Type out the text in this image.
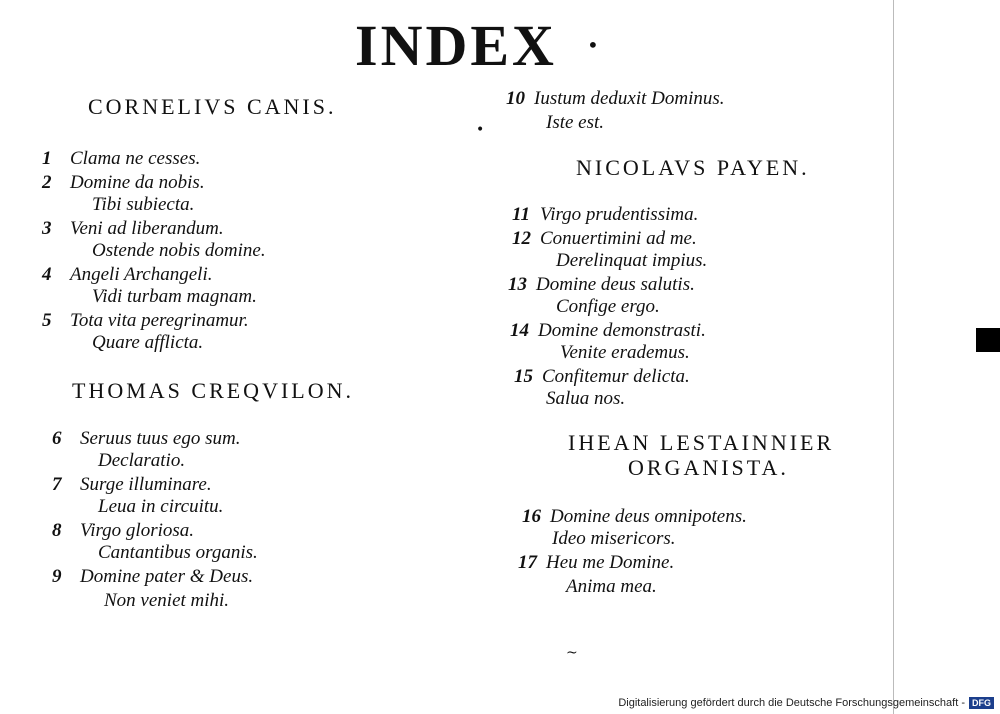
INDEX •
CORNELIVS CANIS.
1 Clama ne cesses.
2 Domine da nobis.
Tibi subiecta.
3 Veni ad liberandum.
Ostende nobis domine.
4 Angeli Archangeli.
Vidi turbam magnam.
5 Tota vita peregrinamur.
Quare afflicta.
THOMAS CREQVILON.
6 Seruus tuus ego sum.
Declaratio.
7 Surge illuminare.
Leua in circuitu.
8 Virgo gloriosa.
Cantantibus organis.
9 Domine pater & Deus.
Non veniet mihi.
10 Iustum deduxit Dominus.
Iste est.
•
NICOLAVS PAYEN.
11 Virgo prudentissima.
12 Conuertimini ad me.
Derelinquat impius.
13 Domine deus salutis.
Confige ergo.
14 Domine demonstrasti.
Venite erademus.
15 Confitemur delicta.
Salua nos.
IHEAN LESTAINNIER
ORGANISTA.
16 Domine deus omnipotens.
Ideo misericors.
17 Heu me Domine.
Anima mea.
~
Digitalisierung gefördert durch die Deutsche Forschungsgemeinschaft - DFG
